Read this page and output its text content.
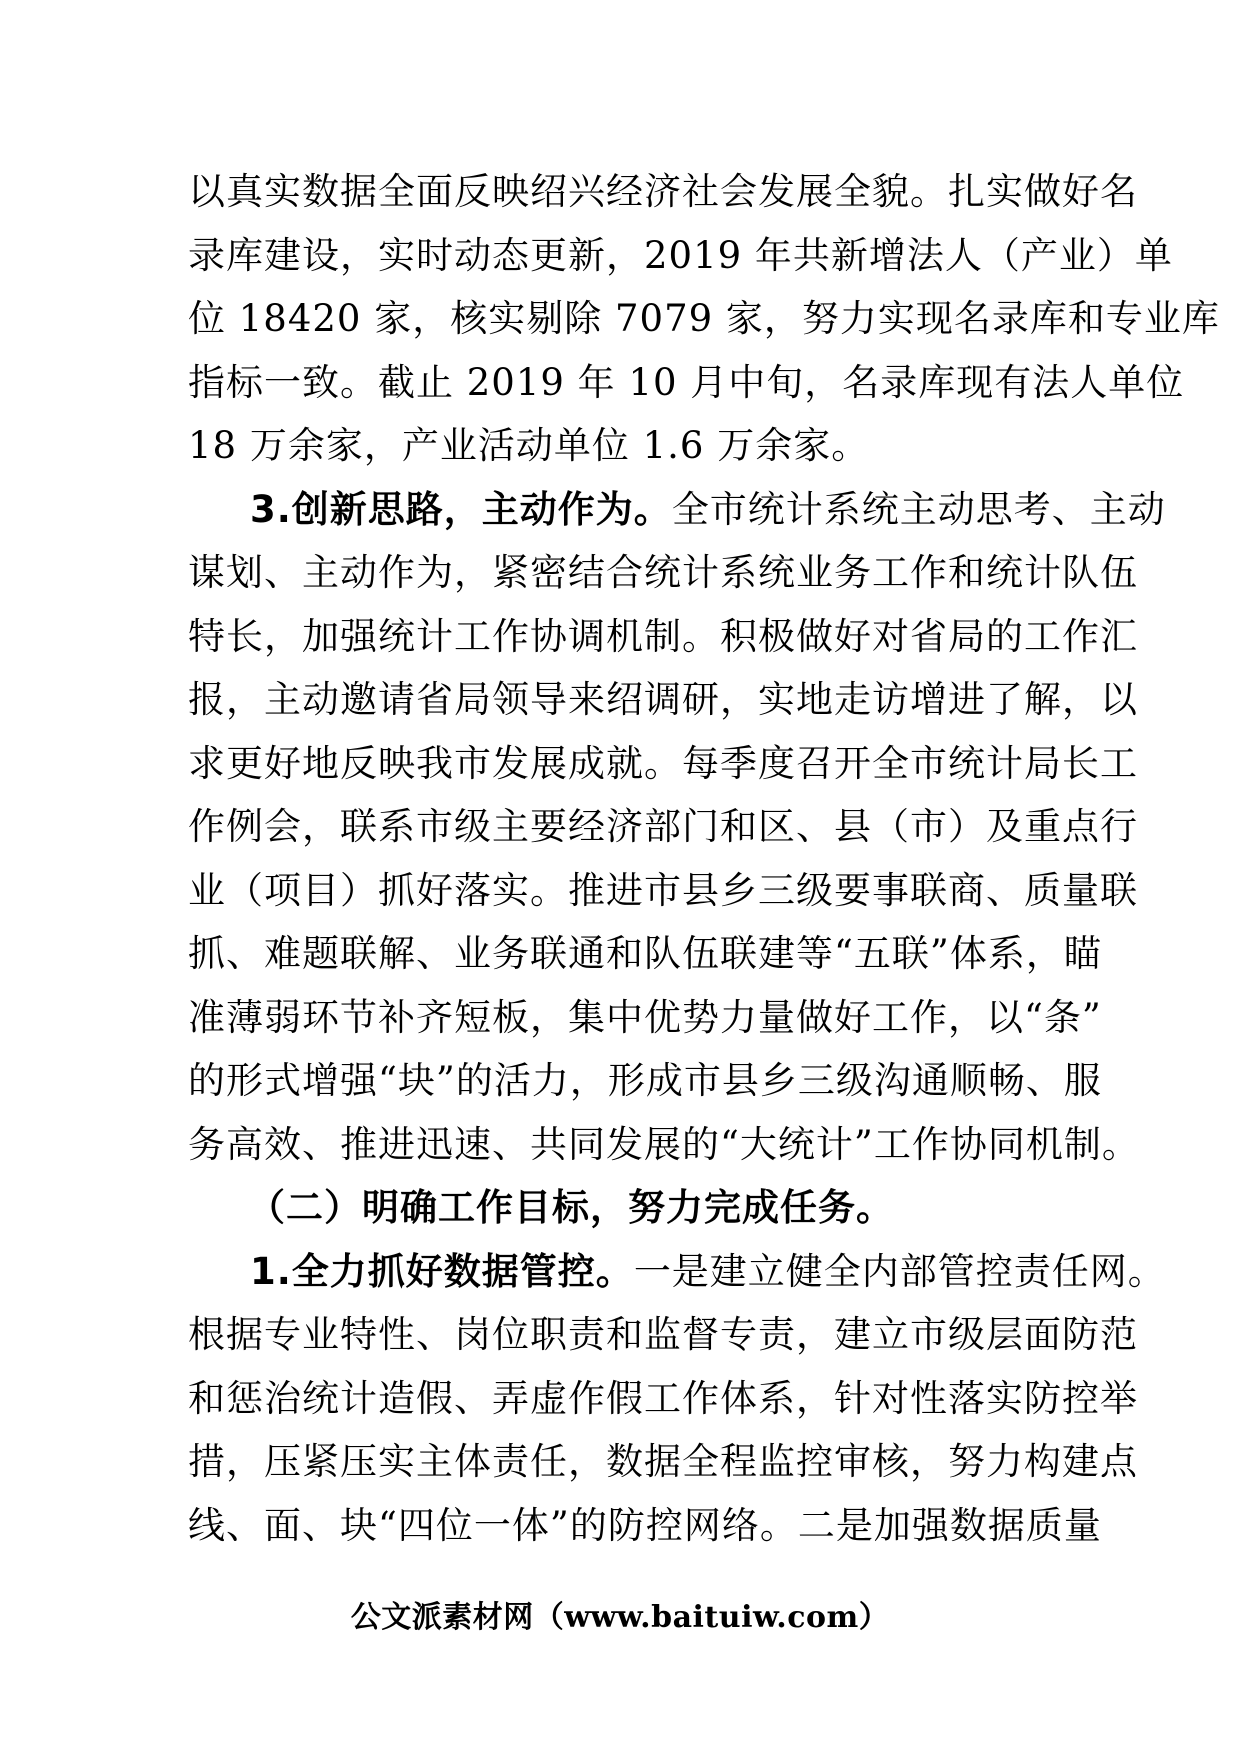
以真实数据全面反映绍兴经济社会发展全貌。扎实做好名
录库建设，实时动态更新，2019 年共新增法人（产业）单
位 18420 家，核实剔除 7079 家，努力实现名录库和专业库
指标一致。截止 2019 年 10 月中旬，名录库现有法人单位
18 万余家，产业活动单位 1.6 万余家。
3.创新思路，主动作为。全市统计系统主动思考、主动
谋划、主动作为，紧密结合统计系统业务工作和统计队伍
特长，加强统计工作协调机制。积极做好对省局的工作汇
报，主动邀请省局领导来绍调研，实地走访增进了解，以
求更好地反映我市发展成就。每季度召开全市统计局长工
作例会，联系市级主要经济部门和区、县（市）及重点行
业（项目）抓好落实。推进市县乡三级要事联商、质量联
抓、难题联解、业务联通和队伍联建等“五联”体系，瞄
准薄弱环节补齐短板，集中优势力量做好工作，以“条”
的形式增强“块”的活力，形成市县乡三级沟通顺畅、服
务高效、推进迅速、共同发展的“大统计”工作协同机制。
（二）明确工作目标，努力完成任务。
1.全力抓好数据管控。一是建立健全内部管控责任网。
根据专业特性、岗位职责和监督专责，建立市级层面防范
和惩治统计造假、弄虚作假工作体系，针对性落实防控举
措，压紧压实主体责任，数据全程监控审核，努力构建点
线、面、块“四位一体”的防控网络。二是加强数据质量
公文派素材网（www.baituiw.com）
